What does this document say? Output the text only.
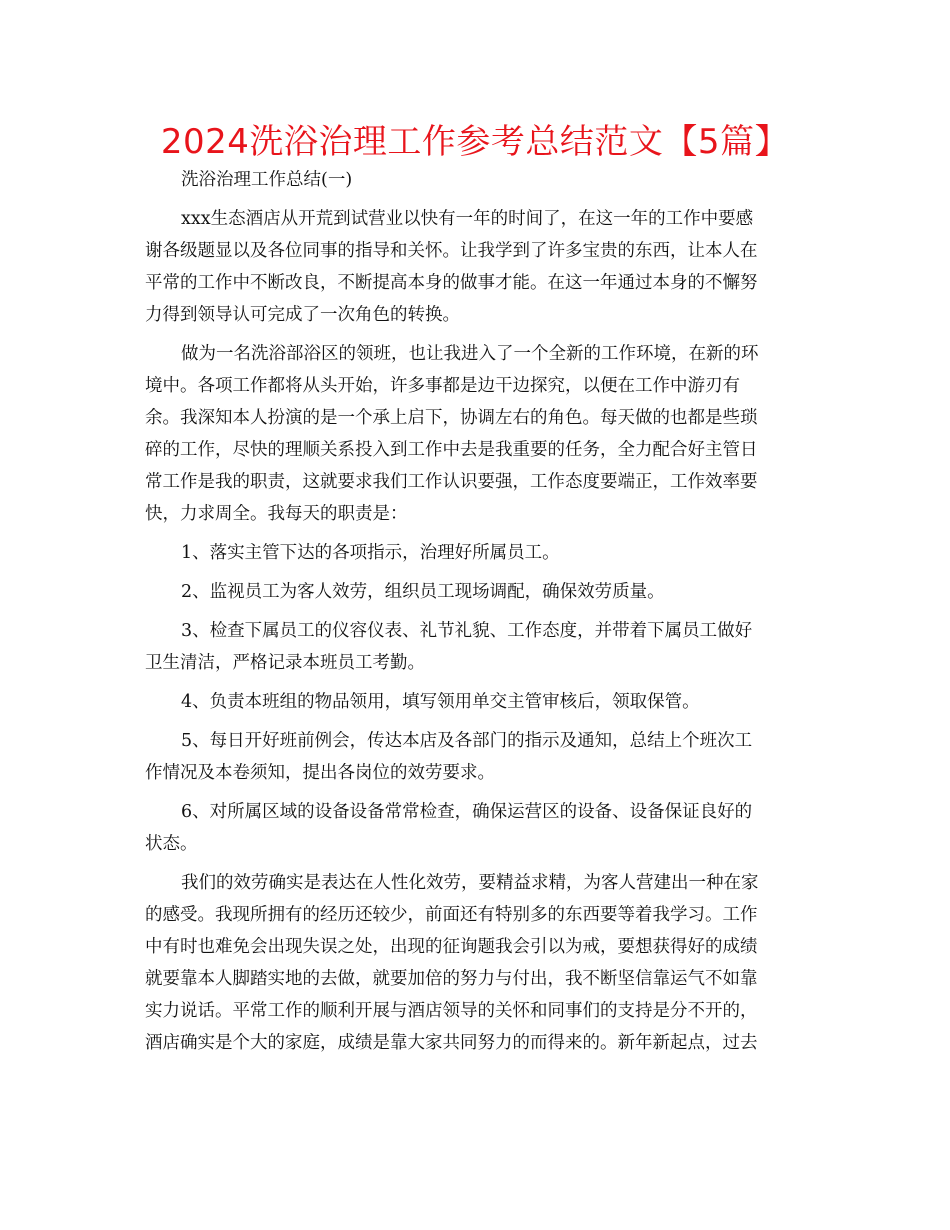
2024洗浴治理工作参考总结范文【5篇】
洗浴治理工作总结(一)
xxx生态酒店从开荒到试营业以快有一年的时间了，在这一年的工作中要感
谢各级题显以及各位同事的指导和关怀。让我学到了许多宝贵的东西，让本人在
平常的工作中不断改良，不断提高本身的做事才能。在这一年通过本身的不懈努
力得到领导认可完成了一次角色的转换。
做为一名洗浴部浴区的领班，也让我进入了一个全新的工作环境，在新的环
境中。各项工作都将从头开始，许多事都是边干边探究，以便在工作中游刃有
余。我深知本人扮演的是一个承上启下，协调左右的角色。每天做的也都是些琐
碎的工作，尽快的理顺关系投入到工作中去是我重要的任务，全力配合好主管日
常工作是我的职责，这就要求我们工作认识要强，工作态度要端正，工作效率要
快，力求周全。我每天的职责是：
1、落实主管下达的各项指示，治理好所属员工。
2、监视员工为客人效劳，组织员工现场调配，确保效劳质量。
3、检查下属员工的仪容仪表、礼节礼貌、工作态度，并带着下属员工做好
卫生清洁，严格记录本班员工考勤。
4、负责本班组的物品领用，填写领用单交主管审核后，领取保管。
5、每日开好班前例会，传达本店及各部门的指示及通知，总结上个班次工
作情况及本卷须知，提出各岗位的效劳要求。
6、对所属区域的设备设备常常检查，确保运营区的设备、设备保证良好的
状态。
我们的效劳确实是表达在人性化效劳，要精益求精，为客人营建出一种在家
的感受。我现所拥有的经历还较少，前面还有特别多的东西要等着我学习。工作
中有时也难免会出现失误之处，出现的征询题我会引以为戒，要想获得好的成绩
就要靠本人脚踏实地的去做，就要加倍的努力与付出，我不断坚信靠运气不如靠
实力说话。平常工作的顺利开展与酒店领导的关怀和同事们的支持是分不开的，
酒店确实是个大的家庭，成绩是靠大家共同努力的而得来的。新年新起点，过去
